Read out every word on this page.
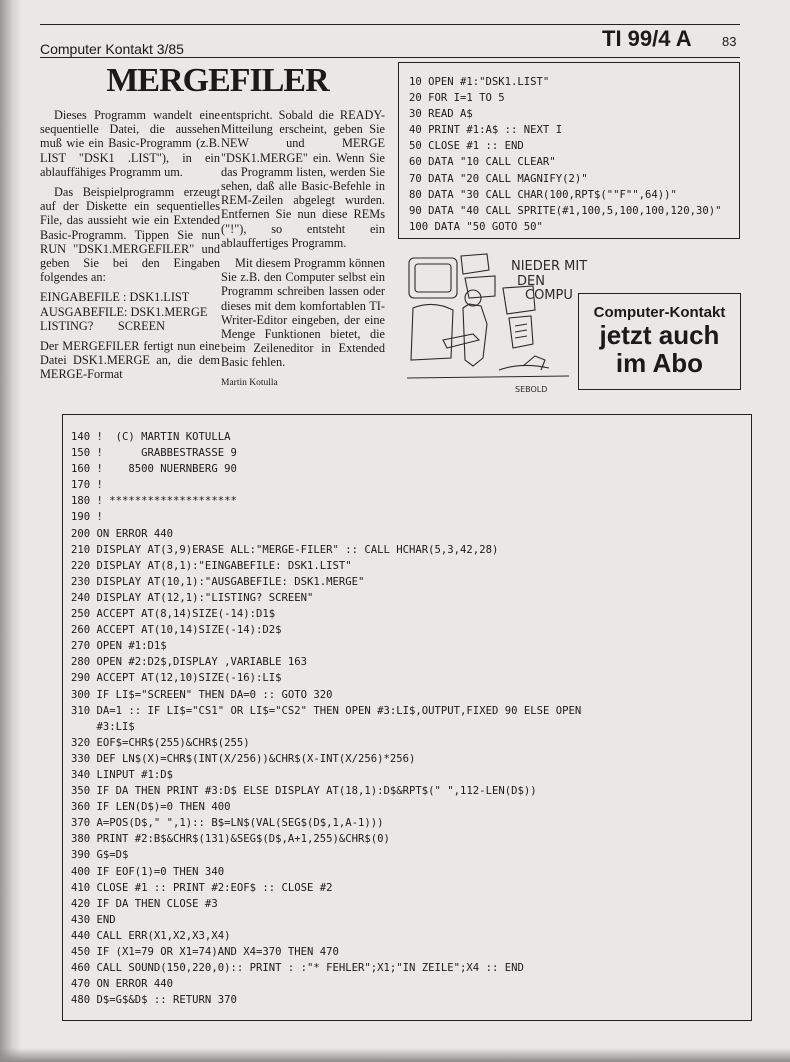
Computer Kontakt 3/85	TI 99/4 A 83
MERGEFILER

Dieses Programm wandelt eine sequentielle Datei, die aussehen muß wie ein Basic-Programm (z.B. LIST "DSK1 .LIST"), in ein ablauffähiges Programm um.

Das Beispielprogramm erzeugt auf der Diskette ein sequentielles File, das aussieht wie ein Extended Basic-Programm. Tippen Sie nun RUN "DSK1.MERGEFILER" und geben Sie bei den Eingaben folgendes an:

EINGABEFILE : DSK1.LIST
AUSGABEFILE: DSK1.MERGE
LISTING?        SCREEN

Der MERGEFILER fertigt nun eine Datei DSK1.MERGE an, die dem MERGE-Format

entspricht. Sobald die READY-Mitteilung erscheint, geben Sie NEW und MERGE "DSK1.MERGE" ein. Wenn Sie das Programm listen, werden Sie sehen, daß alle Basic-Befehle in REM-Zeilen abgelegt wurden. Entfernen Sie nun diese REMs ("!"), so entsteht ein ablauffertiges Programm.

Mit diesem Programm können Sie z.B. den Computer selbst ein Programm schreiben lassen oder dieses mit dem komfortablen TI-Writer-Editor eingeben, der eine Menge Funktionen bietet, die beim Zeileneditor in Extended Basic fehlen.

Martin Kotulla
10 OPEN #1:"DSK1.LIST"
20 FOR I=1 TO 5
30 READ A$
40 PRINT #1:A$ :: NEXT I
50 CLOSE #1 :: END
60 DATA "10 CALL CLEAR"
70 DATA "20 CALL MAGNIFY(2)"
80 DATA "30 CALL CHAR(100,RPT$(""F"",64))"
90 DATA "40 CALL SPRITE(#1,100,5,100,100,120,30)"
100 DATA "50 GOTO 50"
NIEDER MIT DEN COMPU
SEBOLD
Computer-Kontakt
jetzt auch
im Abo
140 !  (C) MARTIN KOTULLA
150 !      GRABBESTRASSE 9
160 !    8500 NUERNBERG 90
170 !
180 ! ********************
190 !
200 ON ERROR 440
210 DISPLAY AT(3,9)ERASE ALL:"MERGE-FILER" :: CALL HCHAR(5,3,42,28)
220 DISPLAY AT(8,1):"EINGABEFILE: DSK1.LIST"
230 DISPLAY AT(10,1):"AUSGABEFILE: DSK1.MERGE"
240 DISPLAY AT(12,1):"LISTING? SCREEN"
250 ACCEPT AT(8,14)SIZE(-14):D1$
260 ACCEPT AT(10,14)SIZE(-14):D2$
270 OPEN #1:D1$
280 OPEN #2:D2$,DISPLAY ,VARIABLE 163
290 ACCEPT AT(12,10)SIZE(-16):LI$
300 IF LI$="SCREEN" THEN DA=0 :: GOTO 320
310 DA=1 :: IF LI$="CS1" OR LI$="CS2" THEN OPEN #3:LI$,OUTPUT,FIXED 90 ELSE OPEN
#3:LI$
320 EOF$=CHR$(255)&CHR$(255)
330 DEF LN$(X)=CHR$(INT(X/256))&CHR$(X-INT(X/256)*256)
340 LINPUT #1:D$
350 IF DA THEN PRINT #3:D$ ELSE DISPLAY AT(18,1):D$&RPT$(" ",112-LEN(D$))
360 IF LEN(D$)=0 THEN 400
370 A=POS(D$," ",1):: B$=LN$(VAL(SEG$(D$,1,A-1)))
380 PRINT #2:B$&CHR$(131)&SEG$(D$,A+1,255)&CHR$(0)
390 G$=D$
400 IF EOF(1)=0 THEN 340
410 CLOSE #1 :: PRINT #2:EOF$ :: CLOSE #2
420 IF DA THEN CLOSE #3
430 END
440 CALL ERR(X1,X2,X3,X4)
450 IF (X1=79 OR X1=74)AND X4=370 THEN 470
460 CALL SOUND(150,220,0):: PRINT : :"* FEHLER";X1;"IN ZEILE";X4 :: END
470 ON ERROR 440
480 D$=G$&D$ :: RETURN 370
